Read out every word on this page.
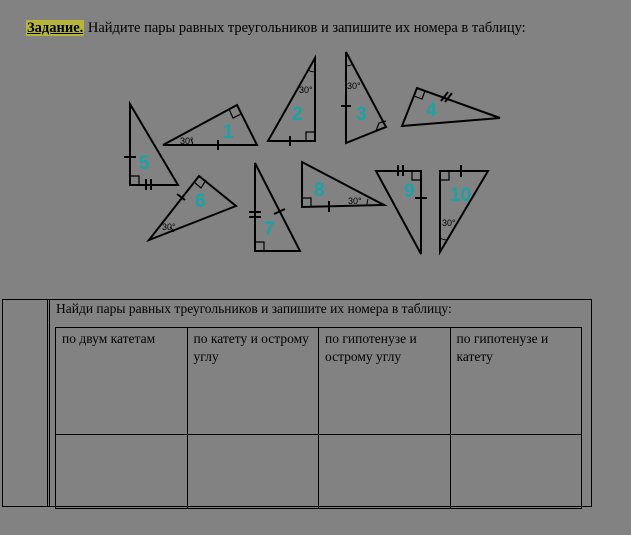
Задание. Найдите пары равных треугольников и запишите их номера в таблицу:
30°
30°	30°
30°
30°
30°
1
2	3	4
5
6
7
8	9 10
Найди пары равных треугольников и запишите их номера в таблицу:
по двум катетам	по катету и острому углу	по гипотенузе и острому углу	по гипотенузе и катету
